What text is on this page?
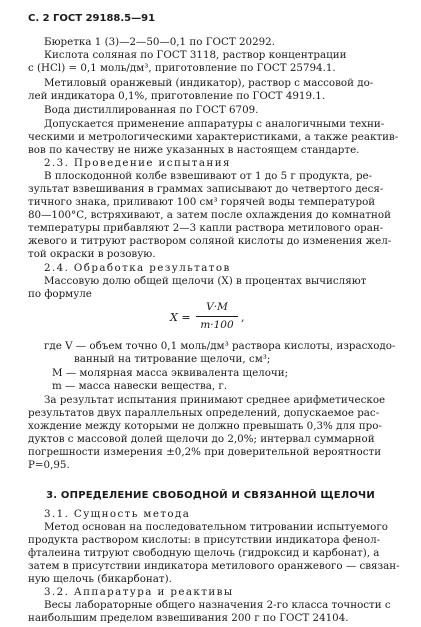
С. 2 ГОСТ 29188.5—91
Бюретка 1 (3)—2—50—0,1 по ГОСТ 20292.
Кислота соляная по ГОСТ 3118, раствор концентрации
с (HCl) = 0,1 моль/дм³, приготовление по ГОСТ 25794.1.
Метиловый оранжевый (индикатор), раствор с массовой до-
лей индикатора 0,1%, приготовление по ГОСТ 4919.1.
Вода дистиллированная по ГОСТ 6709.
Допускается применение аппаратуры с аналогичными техни-
ческими и метрологическими характеристиками, а также реактив-
вов по качеству не ниже указанных в настоящем стандарте.
2.3. Проведение испытания
В плоскодонной колбе взвешивают от 1 до 5 г продукта, ре-
зультат взвешивания в граммах записывают до четвертого деся-
тичного знака, приливают 100 см³ горячей воды температурой
80—100°С, встряхивают, а затем после охлаждения до комнатной
температуры прибавляют 2—3 капли раствора метилового оран-
жевого и титруют раствором соляной кислоты до изменения жел-
той окраски в розовую.
2.4. Обработка результатов
Массовую долю общей щелочи (X) в процентах вычисляют
по формуле
X =
V·M
m·100
,
где V — объем точно 0,1 моль/дм³ раствора кислоты, израсходо-
ванный на титрование щелочи, см³;
M — молярная масса эквивалента щелочи;
m — масса навески вещества, г.
За результат испытания принимают среднее арифметическое
результатов двух параллельных определений, допускаемое рас-
хождение между которыми не должно превышать 0,3% для про-
дуктов с массовой долей щелочи до 2,0%; интервал суммарной
погрешности измерения ±0,2% при доверительной вероятности
P=0,95.
3. ОПРЕДЕЛЕНИЕ СВОБОДНОЙ И СВЯЗАННОЙ ЩЕЛОЧИ
3.1. Сущность метода
Метод основан на последовательном титровании испытуемого
продукта раствором кислоты: в присутствии индикатора фенол-
фталеина титруют свободную щелочь (гидроксид и карбонат), а
затем в присутствии индикатора метилового оранжевого — связан-
ную щелочь (бикарбонат).
3.2. Аппаратура и реактивы
Весы лабораторные общего назначения 2-го класса точности с
наибольшим пределом взвешивания 200 г по ГОСТ 24104.
